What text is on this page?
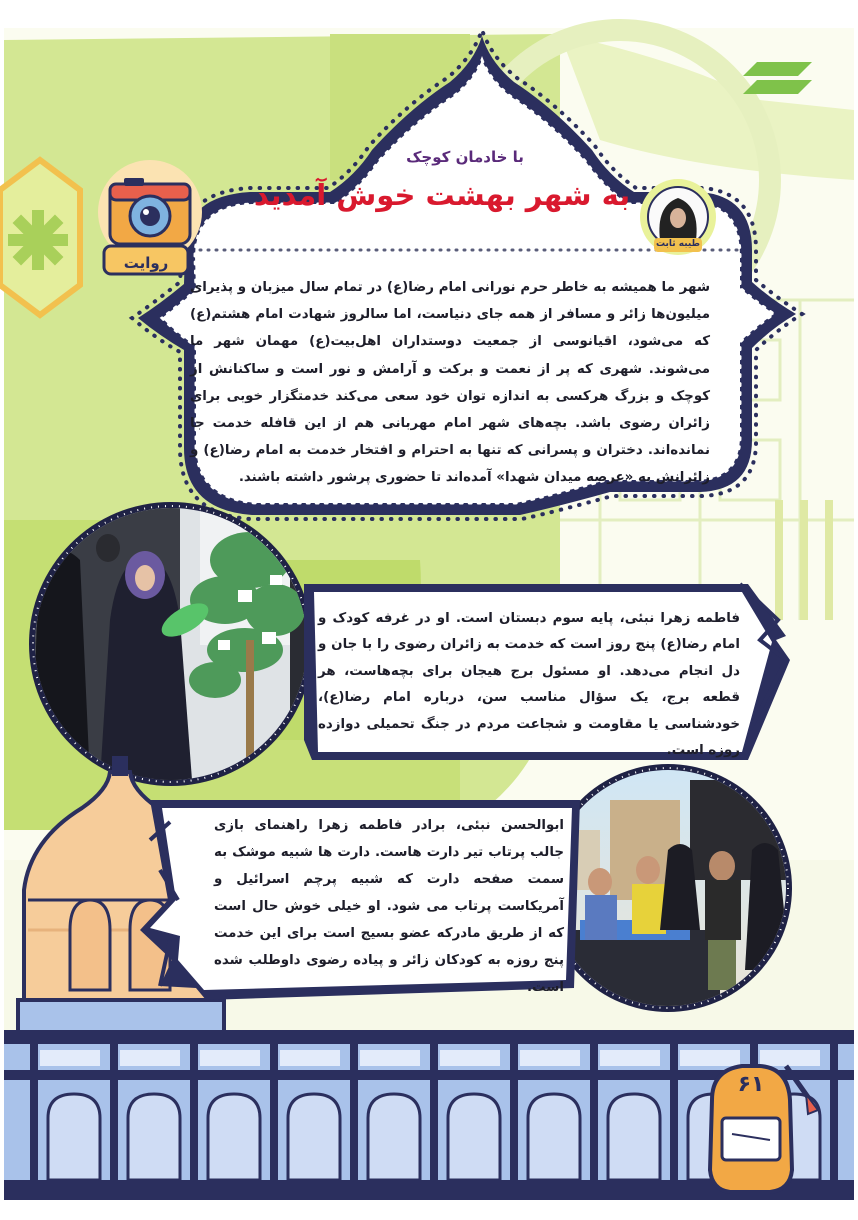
با خادمان کوچک
به شهر بهشت خوش آمدید
روایت
طیبه ثابت
شهر ما همیشه به خاطر حرم نورانی امام رضا(ع) در تمام سال میزبان و پذیرای میلیون‌ها زائر و مسافر از همه جای دنیاست، اما سالروز شهادت امام هشتم(ع) که می‌شود، اقیانوسی از جمعیت دوستداران اهل‌بیت(ع) مهمان شهر ما می‌شوند. شهری که پر از نعمت و برکت و آرامش و نور است و ساکنانش از کوچک و بزرگ هرکسی به اندازه توان خود سعی می‌کند خدمتگزار خوبی برای زائران رضوی باشد. بچه‌های شهر امام مهربانی هم از این قافله خدمت جا نمانده‌اند. دختران و پسرانی که تنها به احترام و افتخار خدمت به امام رضا(ع) و زائرانش به «عرصه میدان شهدا» آمده‌اند تا حضوری پرشور داشته باشند.
فاطمه زهرا نبئی، پایه سوم دبستان است. او در غرفه کودک و امام رضا(ع) پنج روز است که خدمت به زائران رضوی را با جان و دل انجام می‌دهد. او مسئول برج هیجان برای بچه‌هاست، هر قطعه برج، یک سؤال مناسب سن، درباره امام رضا(ع)، خودشناسی یا مقاومت و شجاعت مردم در جنگ تحمیلی دوازده روزه است.
ابوالحسن نبئی، برادر فاطمه زهرا راهنمای بازی جالب پرتاب تیر دارت هاست. دارت ها شبیه موشک به سمت صفحه دارت که شبیه پرچم اسرائیل و آمریکاست پرتاب می شود. او خیلی خوش حال است که از طریق مادرکه عضو بسیج است برای این خدمت پنج روزه به کودکان زائر و پیاده رضوی داوطلب شده است.
۶۱
